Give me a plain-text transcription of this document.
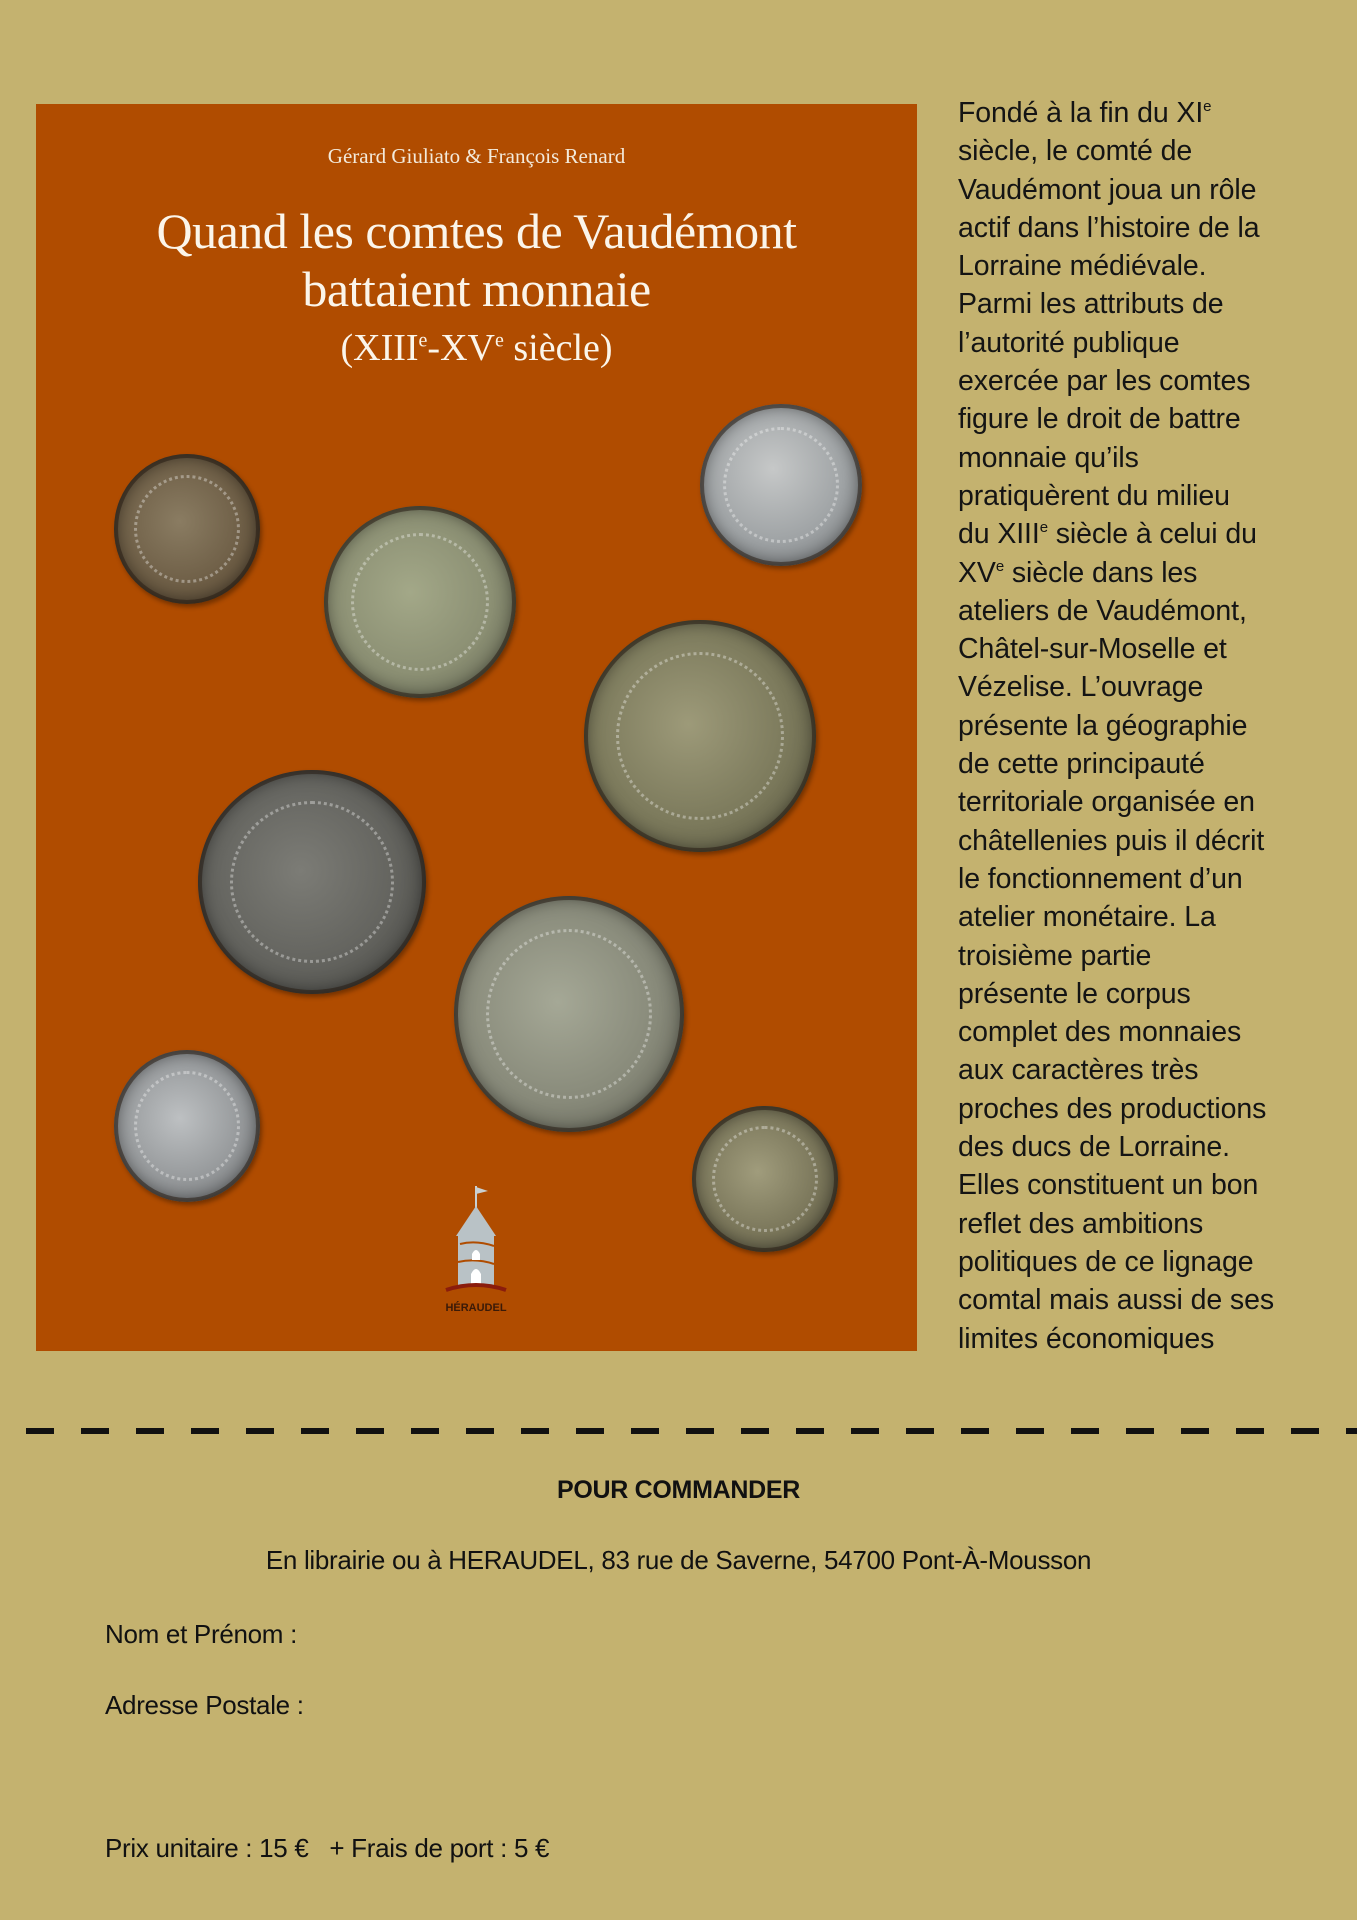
Gérard Giuliato & François Renard
Quand les comtes de Vaudémont
battaient monnaie
(XIIIe-XVe siècle)
HÉRAUDEL

Fondé à la fin du XIe

siècle, le comté de

Vaudémont joua un rôle

actif dans l’histoire de la

Lorraine médiévale.

Parmi les attributs de

l’autorité publique

exercée par les comtes

figure le droit de battre

monnaie qu’ils

pratiquèrent du milieu

du XIIIe siècle à celui du

XVe siècle dans les

ateliers de Vaudémont,

Châtel-sur-Moselle et

Vézelise. L’ouvrage

présente la géographie

de cette principauté

territoriale organisée en

châtellenies puis il décrit

le fonctionnement d’un

atelier monétaire. La

troisième partie

présente le corpus

complet des monnaies

aux caractères très

proches des productions

des ducs de Lorraine.

Elles constituent un bon

reflet des ambitions

politiques de ce lignage

comtal mais aussi de ses

limites économiques

POUR COMMANDER
En librairie ou à HERAUDEL, 83 rue de Saverne, 54700 Pont-À-Mousson
Nom et Prénom :
Adresse Postale :
Prix unitaire : 15 €   + Frais de port : 5 €
